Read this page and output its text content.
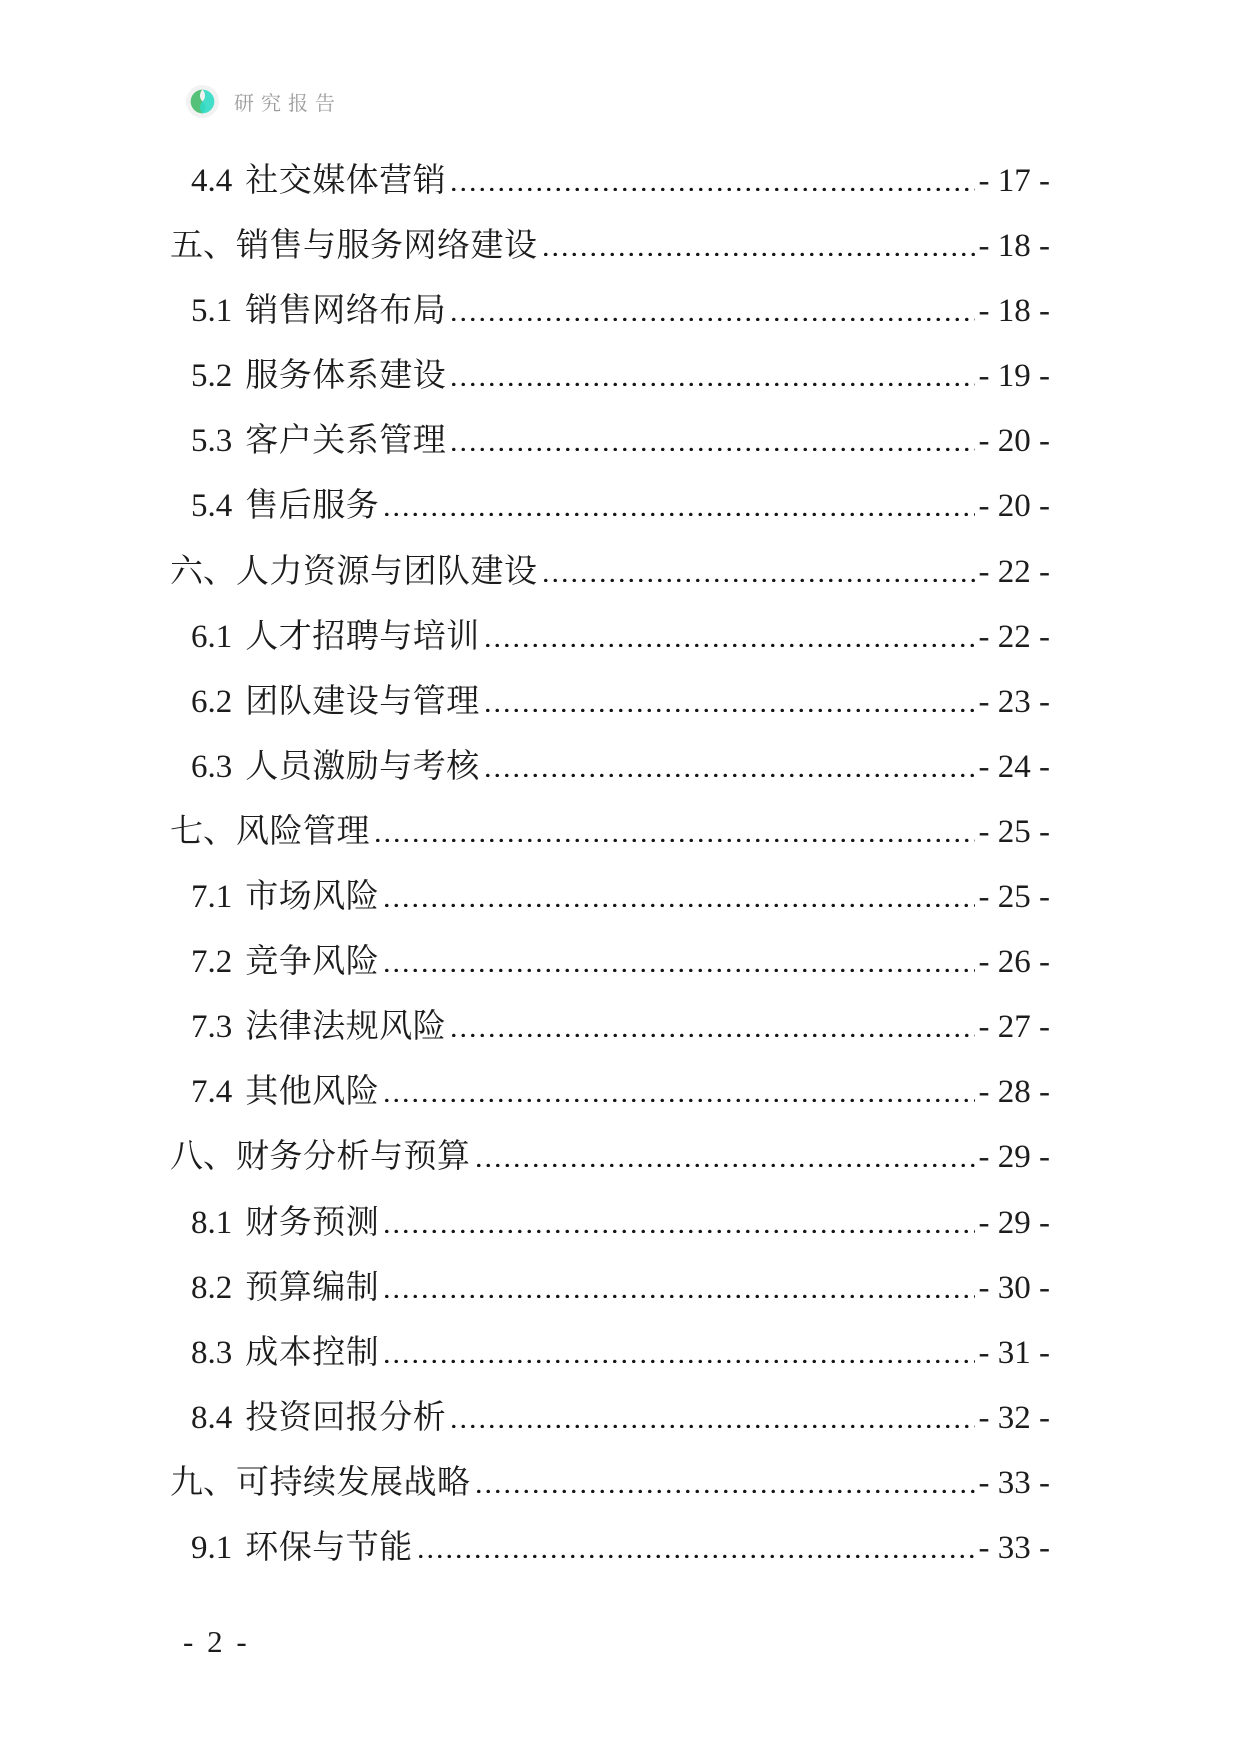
研究报告
4.4 社交媒体营销	- 17 -
五、 销售与服务网络建设	- 18 -
5.1 销售网络布局	- 18 -
5.2 服务体系建设	- 19 -
5.3 客户关系管理	- 20 -
5.4 售后服务	- 20 -
六、 人力资源与团队建设	- 22 -
6.1 人才招聘与培训	- 22 -
6.2 团队建设与管理	- 23 -
6.3 人员激励与考核	- 24 -
七、 风险管理	- 25 -
7.1 市场风险	- 25 -
7.2 竞争风险	- 26 -
7.3 法律法规风险	- 27 -
7.4 其他风险	- 28 -
八、 财务分析与预算	- 29 -
8.1 财务预测	- 29 -
8.2 预算编制	- 30 -
8.3 成本控制	- 31 -
8.4 投资回报分析	- 32 -
九、 可持续发展战略	- 33 -
9.1 环保与节能	- 33 -
- 2 -
